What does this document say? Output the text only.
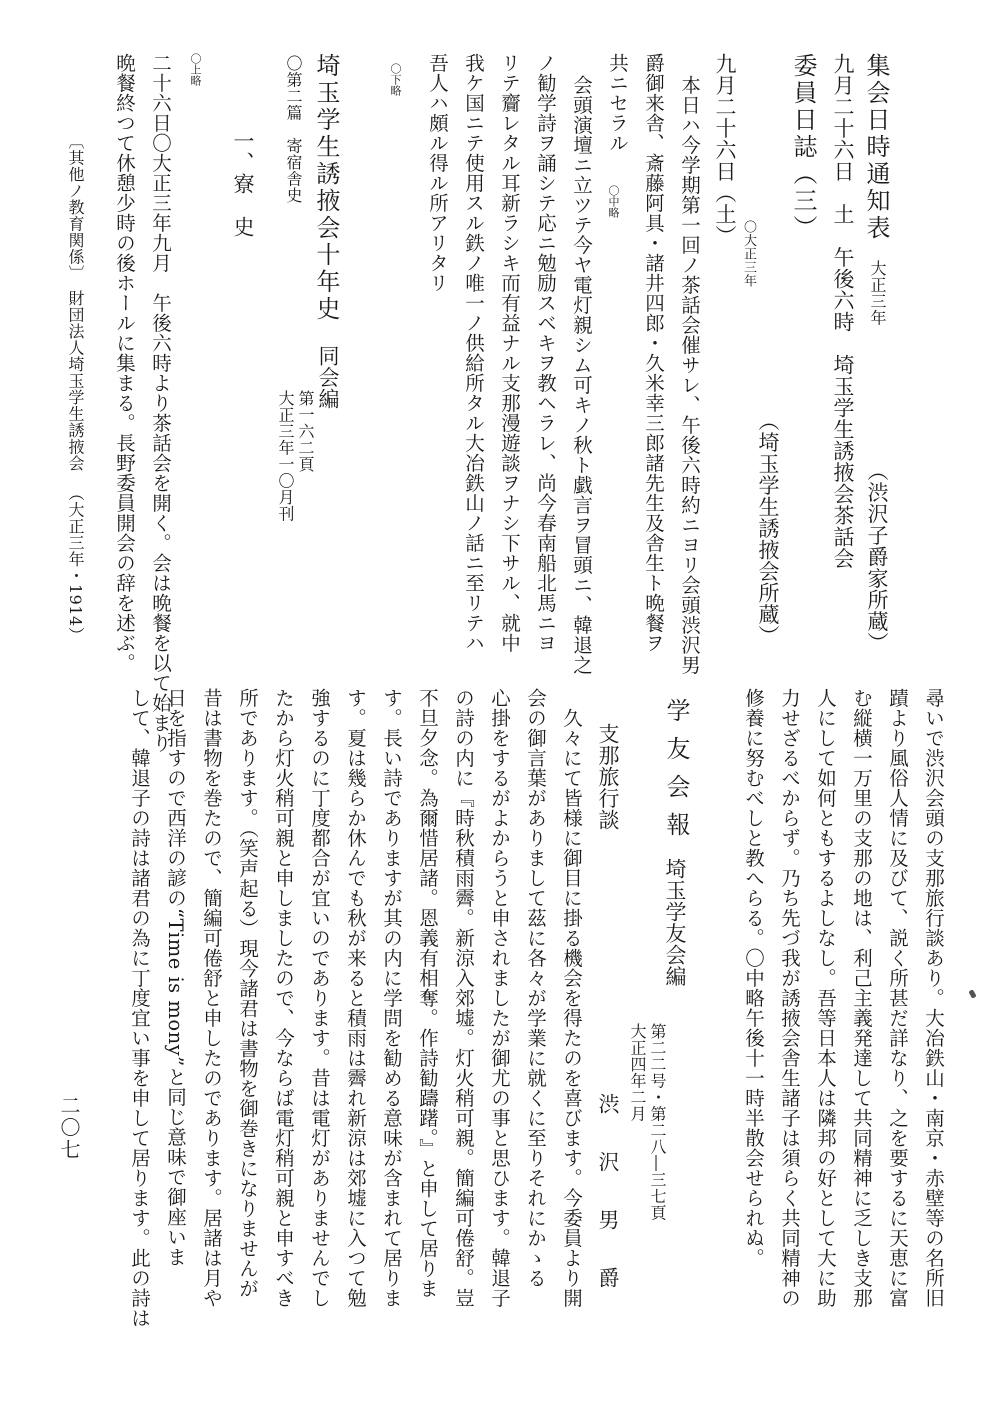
集会日時通知表
大正三年
（渋沢子爵家所蔵）
九月二十六日　土　午後六時　埼玉学生誘掖会茶話会
委員日誌（三）
（埼玉学生誘掖会所蔵）
九月二十六日（土）
〇大正三年
本日ハ今学期第一回ノ茶話会催サレ、午後六時約ニヨリ会頭渋沢男
爵御来舎、斎藤阿具・諸井四郎・久米幸三郎諸先生及舎生ト晩餐ヲ
共ニセラル
〇中略
会頭演壇ニ立ツテ今ヤ電灯親シム可キノ秋ト戯言ヲ冒頭ニ、韓退之
ノ勧学詩ヲ誦シテ応ニ勉励スベキヲ教ヘラレ、尚今春南船北馬ニヨ
リテ齎レタル耳新ラシキ而有益ナル支那漫遊談ヲナシ下サル、就中
我ケ国ニテ使用スル鉄ノ唯一ノ供給所タル大冶鉄山ノ話ニ至リテハ
吾人ハ頗ル得ル所アリタリ
〇下略
埼玉学生誘掖会十年史
同会編
第一六二頁
大正三年一〇月刊
〇第二篇　寄宿舎史
一、寮　史
〇上略
二十六日〇大正三年九月　午後六時より茶話会を開く。会は晩餐を以て始まり
晩餐終つて休憩少時の後ホールに集まる。長野委員開会の辞を述ぶ。
〔其他ノ教育関係〕
財団法人埼玉学生誘掖会
（大正三年・1914）
尋いで渋沢会頭の支那旅行談あり。大冶鉄山・南京・赤壁等の名所旧
蹟より風俗人情に及びて、説く所甚だ詳なり、之を要するに天恵に富
む縦横一万里の支那の地は、利己主義発達して共同精神に乏しき支那
人にして如何ともするよしなし。吾等日本人は隣邦の好として大に助
力せざるべからず。乃ち先づ我が誘掖会舎生諸子は須らく共同精神の
修養に努むべしと教へらる。〇中略午後十一時半散会せられぬ。
学友会報
埼玉学友会編
第二二号・第二八―三七頁
大正四年二月
支那旅行談
渋　沢　男　爵
久々にて皆様に御目に掛る機会を得たのを喜びます。今委員より開
会の御言葉がありまして茲に各々が学業に就くに至りそれにかゝる
心掛をするがよからうと申されましたが御尤の事と思ひます。韓退子
の詩の内に『時秋積雨霽。新涼入郊墟。灯火稍可親。簡編可倦舒。豈
不旦夕念。為爾惜居諸。恩義有相奪。作詩勧躊躇。』と申して居りま
す。長い詩でありますが其の内に学問を勧める意味が含まれて居りま
す。夏は幾らか休んでも秋が来ると積雨は霽れ新涼は郊墟に入つて勉
強するのに丁度都合が宜いのであります。昔は電灯がありませんでし
たから灯火稍可親と申しましたので、今ならば電灯稍可親と申すべき
所であります。（笑声起る）現今諸君は書物を御巻きになりませんが
昔は書物を巻たので、簡編可倦舒と申したのであります。居諸は月や
日を指すので西洋の諺の“Time is mony”と同じ意味で御座いま
して、韓退子の詩は諸君の為に丁度宜い事を申して居ります。此の詩は
二〇七
